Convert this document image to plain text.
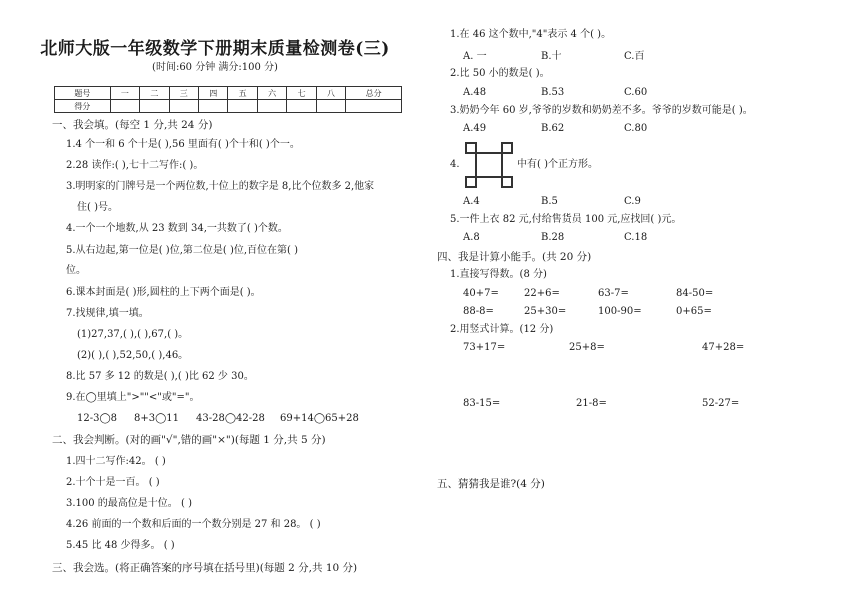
北师大版一年级数学下册期末质量检测卷(三)
(时间:60 分钟 满分:100 分)
题号	一	二	三	四	五	六	七	八	总分
得分									
一、我会填。(每空 1 分,共 24 分)
1.4 个一和 6 个十是( ),56 里面有( )个十和( )个一。
2.28 读作:( ),七十二写作:( )。
3.明明家的门牌号是一个两位数,十位上的数字是 8,比个位数多 2,他家
住( )号。
4.一个一个地数,从 23 数到 34,一共数了( )个数。
5.从右边起,第一位是( )位,第二位是( )位,百位在第( )
位。
6.课本封面是( )形,圆柱的上下两个面是( )。
7.找规律,填一填。
(1)27,37,( ),( ),67,( )。
(2)( ),( ),52,50,( ),46。
8.比 57 多 12 的数是( ),( )比 62 少 30。
9.在◯里填上">""<"或"="。
12-3◯8 8+3◯11 43-28◯42-28 69+14◯65+28
二、我会判断。(对的画"√",错的画"×")(每题 1 分,共 5 分)
1.四十二写作:42。 ( )
2.十个十是一百。 ( )
3.100 的最高位是十位。 ( )
4.26 前面的一个数和后面的一个数分别是 27 和 28。 ( )
5.45 比 48 少得多。 ( )
三、我会选。(将正确答案的序号填在括号里)(每题 2 分,共 10 分)
1.在 46 这个数中,"4"表示 4 个( )。
A. 一	B.十	C.百
2.比 50 小的数是( )。
A.48	B.53	C.60
3.奶奶今年 60 岁,爷爷的岁数和奶奶差不多。爷爷的岁数可能是( )。
A.49	B.62	C.80
4.	中有( )个正方形。
A.4	B.5	C.9
5.一件上衣 82 元,付给售货员 100 元,应找回( )元。
A.8	B.28	C.18
四、我是计算小能手。(共 20 分)
1.直接写得数。(8 分)
40+7=	22+6=	63-7=	84-50=
88-8=	25+30=	100-90=	0+65=
2.用竖式计算。(12 分)
73+17=	25+8=	47+28=
83-15=	21-8=	52-27=
五、猜猜我是谁?(4 分)
